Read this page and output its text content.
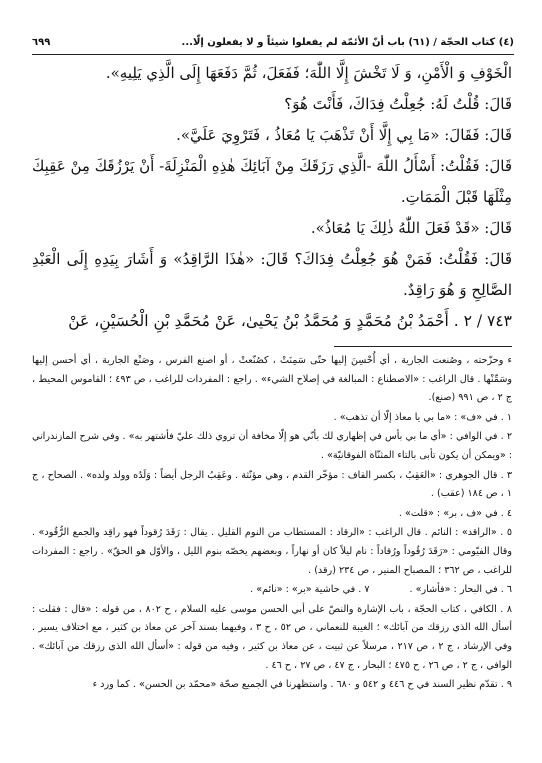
(٤) كتاب الحجّة / (٦١) باب أنّ الأئمّة لم يفعلوا شيئاً و لا يفعلون إلّا...
٦٩٩

الْخَوْفِ وَ الْأَمْنِ، وَ لَا تَخْشَ إِلَّا اللّٰهَ؛ فَفَعَلَ، ثُمَّ دَفَعَهَا إِلَى الَّذِي يَلِيهِ».

قَالَ: قُلْتُ لَهُ: جُعِلْتُ فِدَاكَ، فَأَنْتَ هُوَ؟

قَالَ: فَقَالَ: «مَا بِي إِلَّا أَنْ تَذْهَبَ يَا مُعَاذُ ، فَتَرْوِيَ عَلَيَّ».

قَالَ: فَقُلْتُ: أَسْأَلُ اللّٰهَ -الَّذِي رَزَقَكَ مِنْ آبَائِكَ هٰذِهِ الْمَنْزِلَةَ- أَنْ يَرْزُقَكَ مِنْ عَقِبِكَ مِثْلَهَا قَبْلَ الْمَمَاتِ.

قَالَ: «قَدْ فَعَلَ اللّٰهُ ذٰلِكَ يَا مُعَاذُ».

قَالَ: فَقُلْتُ: فَمَنْ هُوَ جُعِلْتُ فِدَاكَ؟ قَالَ: «هٰذَا الرَّاقِدُ» وَ أَشَارَ بِيَدِهِ إِلَى الْعَبْدِ الصَّالِحِ وَ هُوَ رَاقِدٌ.

٧٤٣ / ٢ . أَحْمَدُ بْنُ مُحَمَّدٍ وَ مُحَمَّدُ بْنُ يَحْيىٰ، عَنْ مُحَمَّدِ بْنِ الْحُسَيْنِ، عَنْ

ء وحزّحته ، وصُنعت الجارية ، أي أُحْسِنَ إليها حتّى سَمِنَتْ ، كصُنّعتْ ، أو اصنع الفرس ، وصَنْع الجارية ، أي أحسن إليها وسَمِّنْها . قال الراغب : «الاصطناع : المبالغة في إصلاح الشيء» . راجع : المفردات للراغب ، ص ٤٩٣ ؛ القاموس المحيط ، ج ٢ ، ص ٩٩١ (صنع).

١ . في «ف» : «ما بي يا معاذ إلّا أن تذهب» .

٢ . في الوافي : «أي ما بي بأس في إظهاري لك بأنّي هو إلّا مخافة أن تروي ذلك عليّ فأشتهر به» . وفي شرح المازندراني : «ويمكن أن يكون تأبى بالتاء المثنّاة الفوقانيّة» .

٣ . قال الجوهري : «العَقِبُ ، بكسر القاف : مؤخّر القدم ، وهي مؤنّثة . وعَقِبُ الرجل أيضاً : وَلَدُه وولد ولده» . الصحاح ، ج ١ ، ص ١٨٤ (عقب) .

٤ . في «ف ، بر» : «قلت» .

٥ . «الراقد» : النائم . قال الراغب : «الرقاد : المستطاب من النوم القليل . يقال : رَقَدَ رُقوداً فهو راقِد والجمع الرُّقُود» . وقال الفيّومي : «رَقَدَ رُقُوداً ورُقاداً : نام ليلاً كان أو نهاراً ، وبعضهم يخصّه بنوم الليل ، والأوّل هو الحقّ» . راجع : المفردات للراغب ، ص ٣٦٢ ؛ المصباح المنير ، ص ٢٣٤ (رقد) .

٦ . في البحار : «فأشار» .
٧ . في حاشية «بر» : «نائم» .

٨ . الكافي ، كتاب الحجّة ، باب الإشارة والنصّ على أبي الحسن موسى عليه السلام ، ح ٨٠٢ ، من قوله : «قال : فقلت : أسأل الله الذي رزقك من آبائك» ؛ الغيبة للنعماني ، ص ٥٢ ، ح ٣ ، وفيهما بسند آخر عن معاذ بن كثير ، مع اختلاف يسير . وفي الإرشاد ، ج ٢ ، ص ٢١٧ ، مرسلاً عن ثبيت ، عن معاذ بن كثير ، وفيه من قوله : «أسأل الله الذي رزقك من آبائك» . الوافي ، ج ٢ ، ص ٢٦ ، ح ٤٧٥ ؛ البحار ، ج ٤٧ ، ص ٢٧ ، ح ٤٦ .

٩ . تقدّم نظير السند في ح ٤٤٦ و ٥٤٢ و ٦٨٠ . واستظهرنا في الجميع صحّة «محمّد بن الحسن» . كما ورد ء
